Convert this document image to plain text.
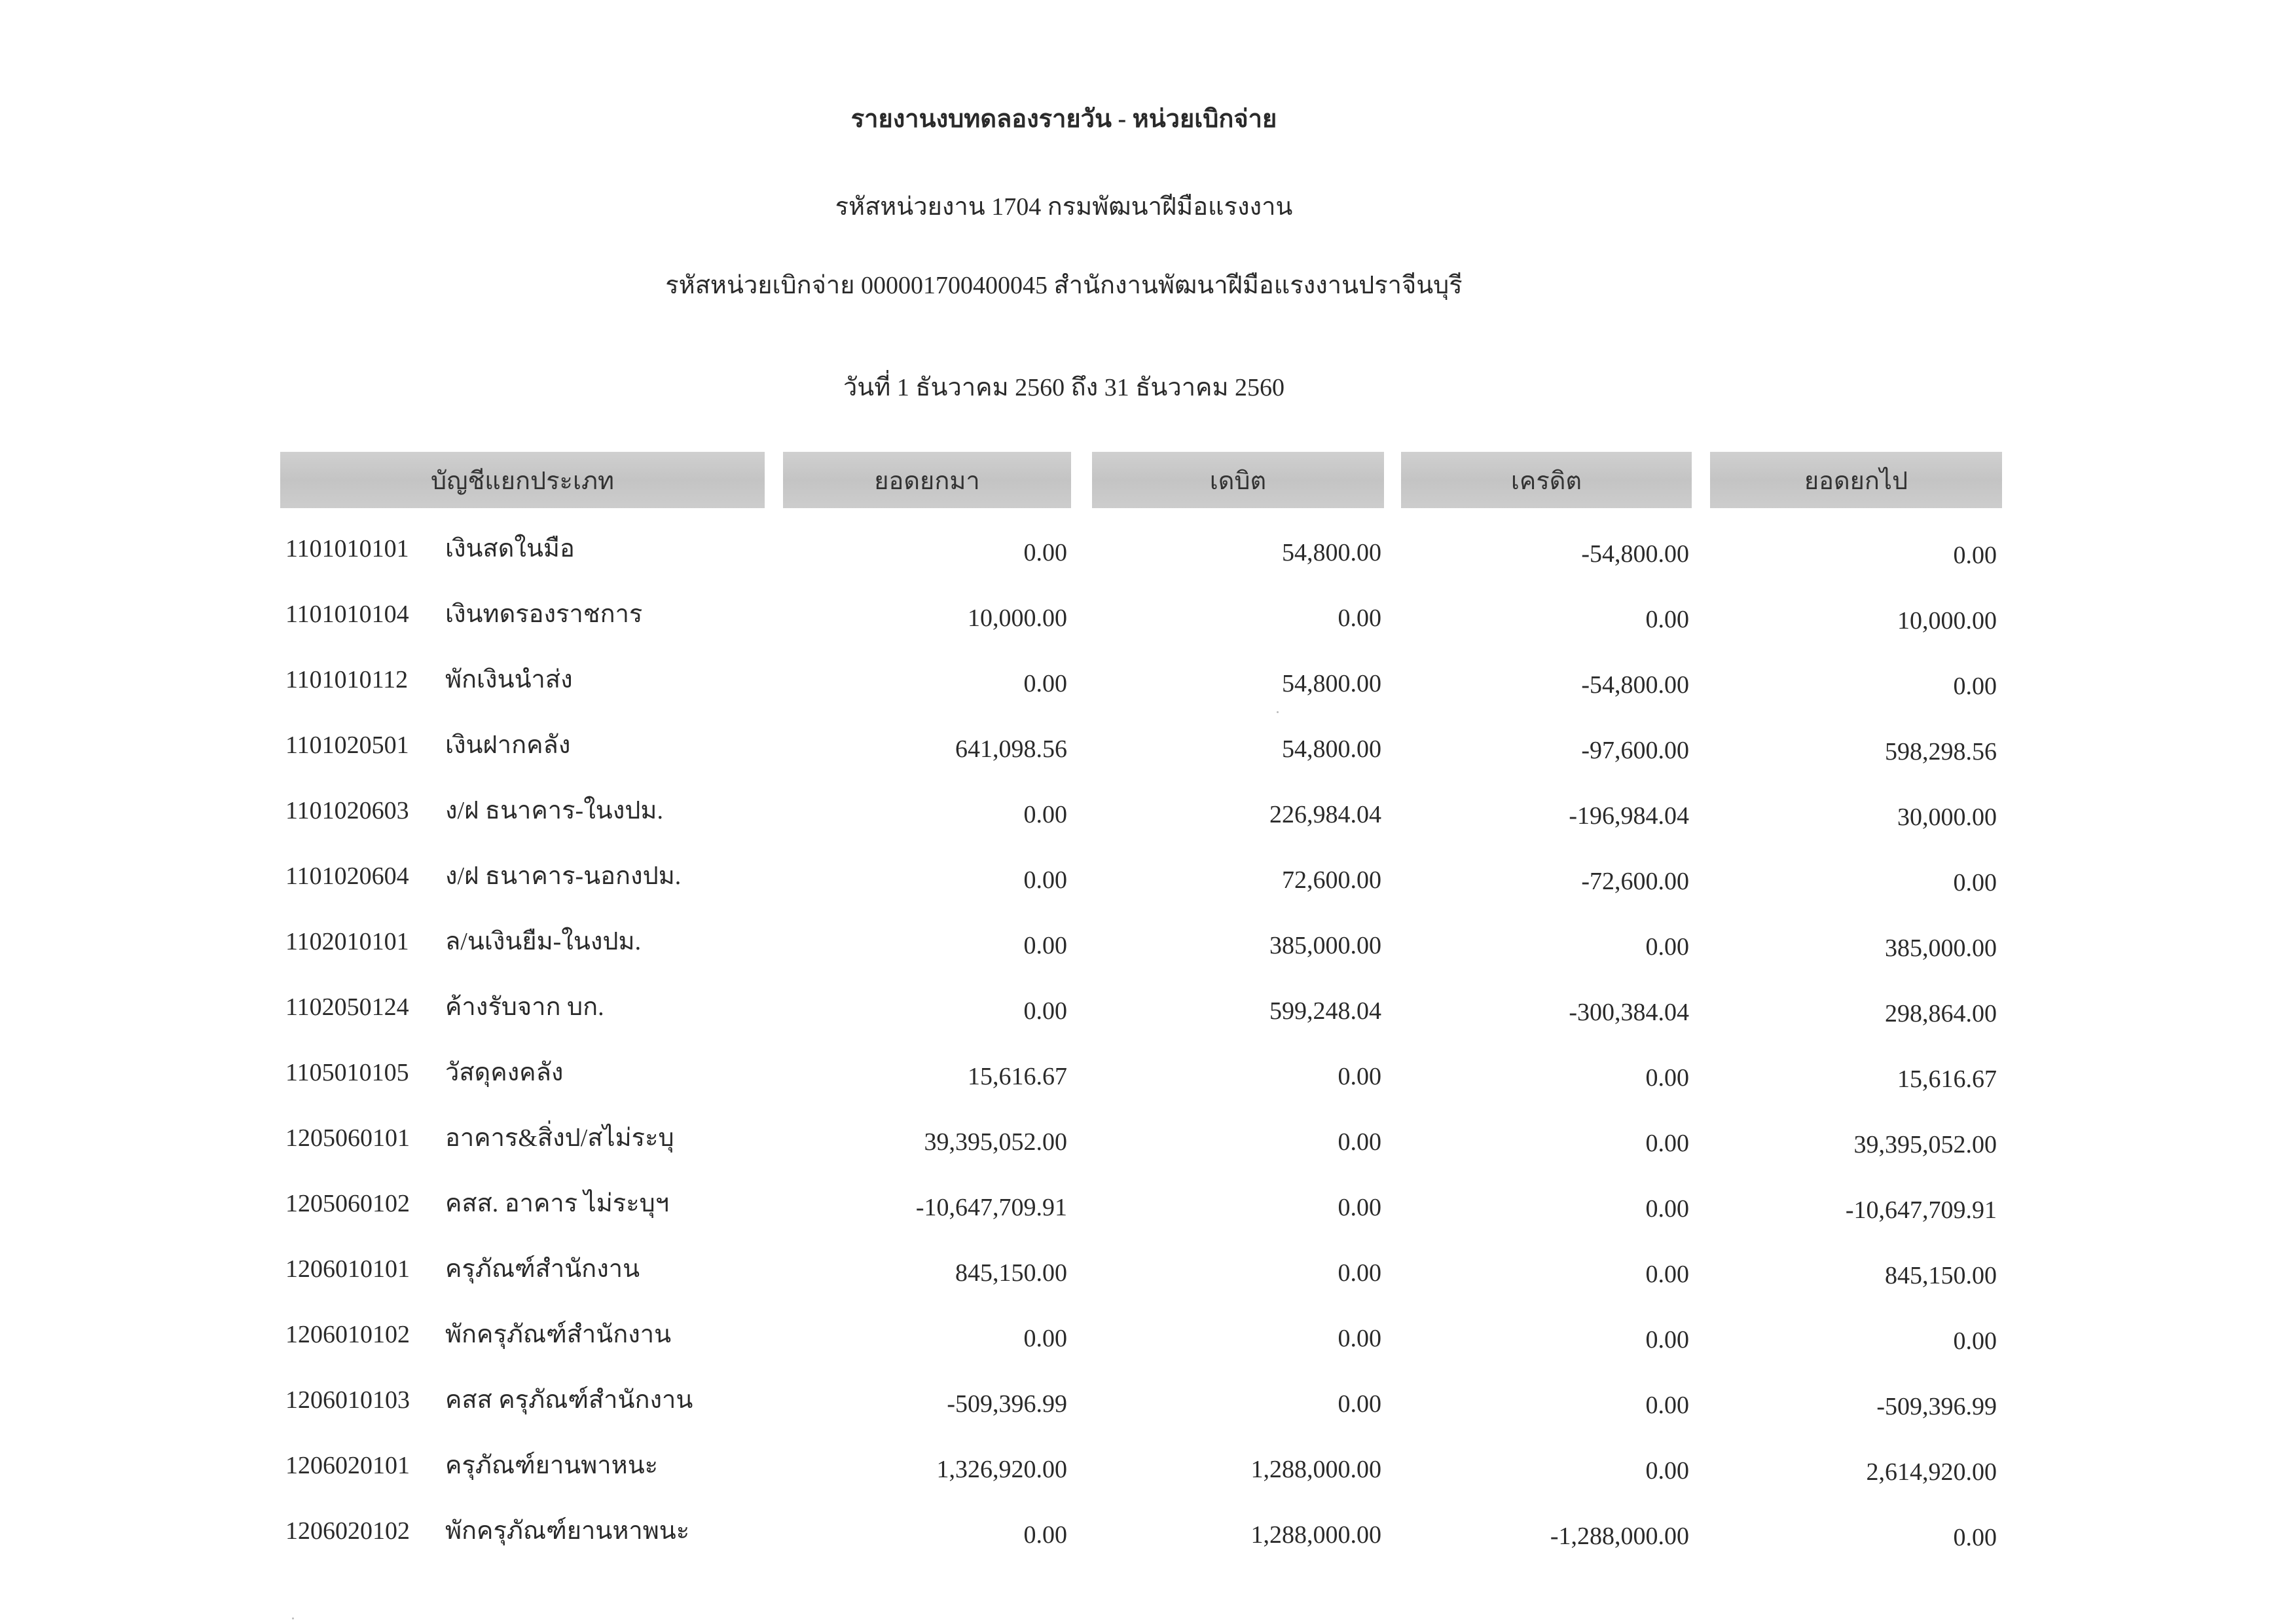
รายงานงบทดลองรายวัน - หน่วยเบิกจ่าย
รหัสหน่วยงาน 1704 กรมพัฒนาฝีมือแรงงาน
รหัสหน่วยเบิกจ่าย 000001700400045 สำนักงานพัฒนาฝีมือแรงงานปราจีนบุรี
วันที่ 1 ธันวาคม 2560 ถึง 31 ธันวาคม 2560
บัญชีแยกประเภท	ยอดยกมา	เดบิต	เครดิต	ยอดยกไป
1101010101 เงินสดในมือ	0.00	54,800.00	-54,800.00	0.00
1101010104 เงินทดรองราชการ	10,000.00	0.00	0.00	10,000.00
1101010112 พักเงินนำส่ง	0.00	54,800.00	-54,800.00	0.00
1101020501 เงินฝากคลัง	641,098.56	54,800.00	-97,600.00	598,298.56
1101020603 ง/ฝ ธนาคาร-ในงปม.	0.00	226,984.04	-196,984.04	30,000.00
1101020604 ง/ฝ ธนาคาร-นอกงปม.	0.00	72,600.00	-72,600.00	0.00
1102010101 ล/นเงินยืม-ในงปม.	0.00	385,000.00	0.00	385,000.00
1102050124 ค้างรับจาก บก.	0.00	599,248.04	-300,384.04	298,864.00
1105010105 วัสดุคงคลัง	15,616.67	0.00	0.00	15,616.67
1205060101 อาคาร&สิ่งป/สไม่ระบุ	39,395,052.00	0.00	0.00	39,395,052.00
1205060102 คสส. อาคาร ไม่ระบุฯ	-10,647,709.91	0.00	0.00	-10,647,709.91
1206010101 ครุภัณฑ์สำนักงาน	845,150.00	0.00	0.00	845,150.00
1206010102 พักครุภัณฑ์สำนักงาน	0.00	0.00	0.00	0.00
1206010103 คสส ครุภัณฑ์สำนักงาน	-509,396.99	0.00	0.00	-509,396.99
1206020101 ครุภัณฑ์ยานพาหนะ	1,326,920.00	1,288,000.00	0.00	2,614,920.00
1206020102 พักครุภัณฑ์ยานหาพนะ	0.00	1,288,000.00	-1,288,000.00	0.00
